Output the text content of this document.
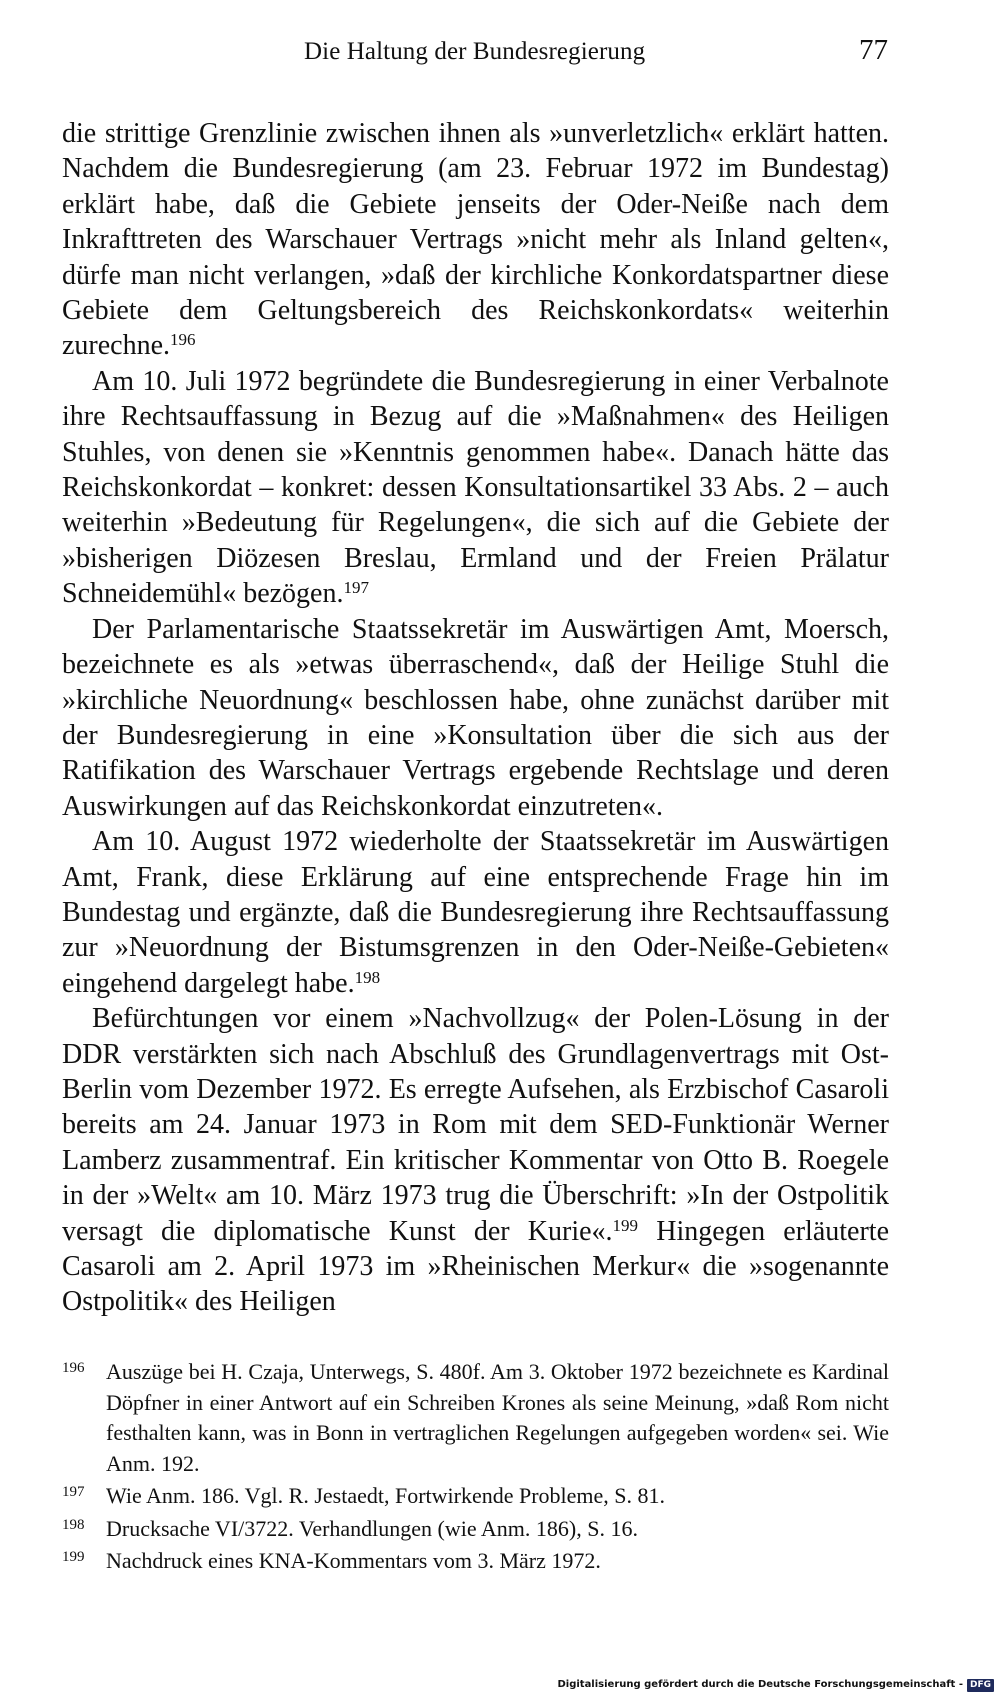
Die Haltung der Bundesregierung	77

die strittige Grenzlinie zwischen ihnen als »unverletzlich« erklärt hatten. Nachdem die Bundesregierung (am 23. Februar 1972 im Bundestag) erklärt habe, daß die Gebiete jenseits der Oder-Neiße nach dem Inkrafttreten des Warschauer Vertrags »nicht mehr als Inland gelten«, dürfe man nicht verlangen, »daß der kirchliche Konkordatspartner diese Gebiete dem Geltungsbereich des Reichskonkordats« weiterhin zurechne.$^{196}$

Am 10. Juli 1972 begründete die Bundesregierung in einer Verbalnote ihre Rechtsauffassung in Bezug auf die »Maßnahmen« des Heiligen Stuhles, von denen sie »Kenntnis genommen habe«. Danach hätte das Reichskonkordat – konkret: dessen Konsultationsartikel 33 Abs. 2 – auch weiterhin »Bedeutung für Regelungen«, die sich auf die Gebiete der »bisherigen Diözesen Breslau, Ermland und der Freien Prälatur Schneidemühl« bezögen.$^{197}$

Der Parlamentarische Staatssekretär im Auswärtigen Amt, Moersch, bezeichnete es als »etwas überraschend«, daß der Heilige Stuhl die »kirchliche Neuordnung« beschlossen habe, ohne zunächst darüber mit der Bundesregierung in eine »Konsultation über die sich aus der Ratifikation des Warschauer Vertrags ergebende Rechtslage und deren Auswirkungen auf das Reichskonkordat einzutreten«.

Am 10. August 1972 wiederholte der Staatssekretär im Auswärtigen Amt, Frank, diese Erklärung auf eine entsprechende Frage hin im Bundestag und ergänzte, daß die Bundesregierung ihre Rechtsauffassung zur »Neuordnung der Bistumsgrenzen in den Oder-Neiße-Gebieten« eingehend dargelegt habe.$^{198}$

Befürchtungen vor einem »Nachvollzug« der Polen-Lösung in der DDR verstärkten sich nach Abschluß des Grundlagenvertrags mit Ost-Berlin vom Dezember 1972. Es erregte Aufsehen, als Erzbischof Casaroli bereits am 24. Januar 1973 in Rom mit dem SED-Funktionär Werner Lamberz zusammentraf. Ein kritischer Kommentar von Otto B. Roegele in der »Welt« am 10. März 1973 trug die Überschrift: »In der Ostpolitik versagt die diplomatische Kunst der Kurie«.$^{199}$ Hingegen erläuterte Casaroli am 2. April 1973 im »Rheinischen Merkur« die »sogenannte Ostpolitik« des Heiligen

196 Auszüge bei H. Czaja, Unterwegs, S. 480f. Am 3. Oktober 1972 bezeichnete es Kardinal Döpfner in einer Antwort auf ein Schreiben Krones als seine Meinung, »daß Rom nicht festhalten kann, was in Bonn in vertraglichen Regelungen aufgegeben worden« sei. Wie Anm. 192.
197 Wie Anm. 186. Vgl. R. Jestaedt, Fortwirkende Probleme, S. 81.
198 Drucksache VI/3722. Verhandlungen (wie Anm. 186), S. 16.
199 Nachdruck eines KNA-Kommentars vom 3. März 1972.
Digitalisierung gefördert durch die Deutsche Forschungsgemeinschaft - DFG
